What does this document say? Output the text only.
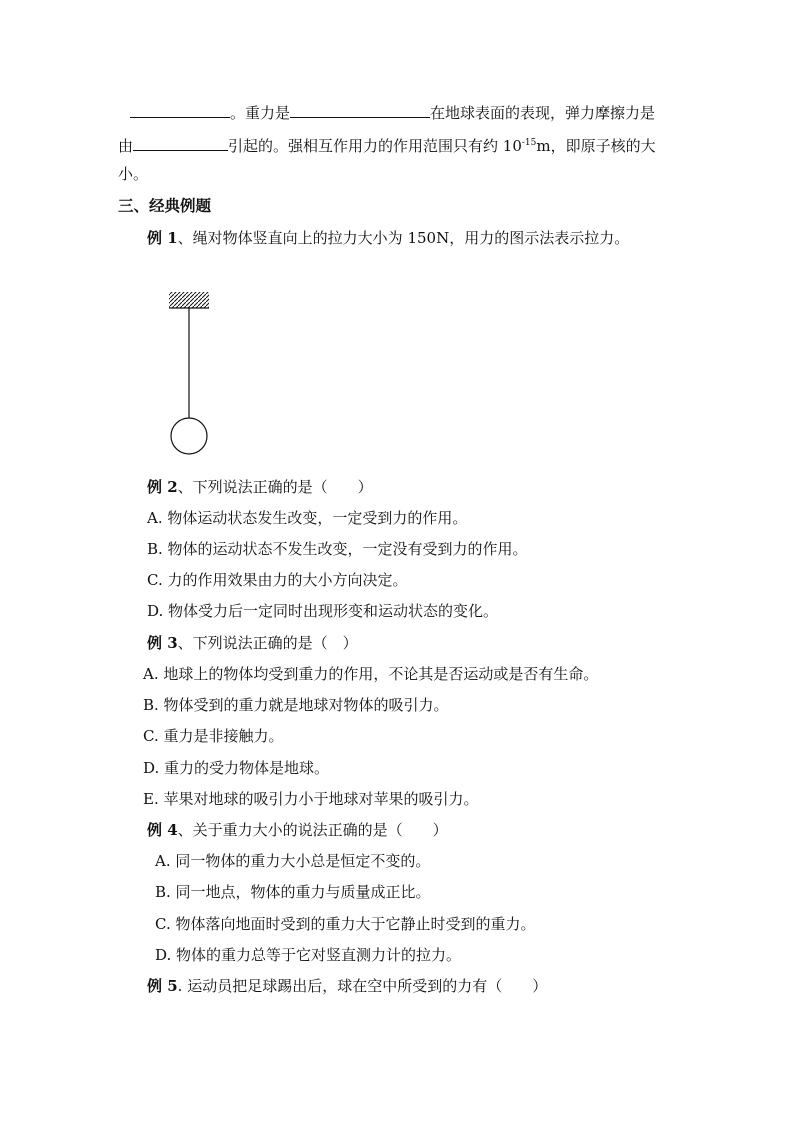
。重力是	在地球表面的表现，弹力摩擦力是
由	引起的。强相互作用力的作用范围只有约 $10^{-15}m$，即原子核的大
小。
三、经典例题
例 1、绳对物体竖直向上的拉力大小为 150N，用力的图示法表示拉力。
例 2、下列说法正确的是（　　）
A. 物体运动状态发生改变，一定受到力的作用。
B. 物体的运动状态不发生改变，一定没有受到力的作用。
C. 力的作用效果由力的大小方向决定。
D. 物体受力后一定同时出现形变和运动状态的变化。
例 3、下列说法正确的是（　）
A. 地球上的物体均受到重力的作用，不论其是否运动或是否有生命。
B. 物体受到的重力就是地球对物体的吸引力。
C. 重力是非接触力。
D. 重力的受力物体是地球。
E. 苹果对地球的吸引力小于地球对苹果的吸引力。
例 4、关于重力大小的说法正确的是（　　）
A. 同一物体的重力大小总是恒定不变的。
B. 同一地点，物体的重力与质量成正比。
C. 物体落向地面时受到的重力大于它静止时受到的重力。
D. 物体的重力总等于它对竖直测力计的拉力。
例 5. 运动员把足球踢出后，球在空中所受到的力有（　　）
